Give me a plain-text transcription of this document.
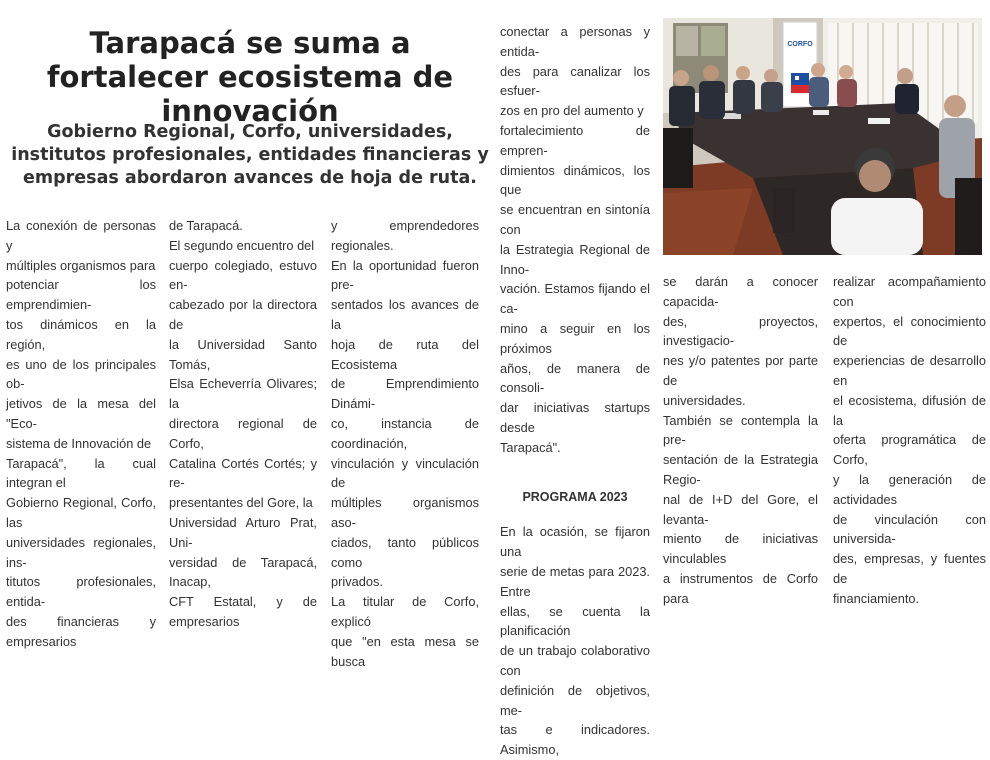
Tarapacá se suma a fortalecer ecosistema de innovación
Gobierno Regional, Corfo, universidades, institutos profesionales, entidades financieras y empresas abordaron avances de hoja de ruta.

La conexión de personas y
múltiples organismos para
potenciar los emprendimien-
tos dinámicos en la región,
es uno de los principales ob-
jetivos de la mesa del "Eco-
sistema de Innovación de
Tarapacá", la cual integran el
Gobierno Regional, Corfo, las
universidades regionales, ins-
titutos profesionales, entida-
des financieras y empresarios

de Tarapacá.
El segundo encuentro del
cuerpo colegiado, estuvo en-
cabezado por la directora de
la Universidad Santo Tomás,
Elsa Echeverría Olivares; la
directora regional de Corfo,
Catalina Cortés Cortés; y re-
presentantes del Gore, la
Universidad Arturo Prat, Uni-
versidad de Tarapacá, Inacap,
CFT Estatal, y de empresarios

y emprendedores regionales.
En la oportunidad fueron pre-
sentados los avances de la
hoja de ruta del Ecosistema
de Emprendimiento Dinámi-
co, instancia de coordinación,
vinculación y vinculación de
múltiples organismos aso-
ciados, tanto públicos como
privados.
La titular de Corfo, explicó
que "en esta mesa se busca

conectar a personas y entida-
des para canalizar los esfuer-
zos en pro del aumento y
fortalecimiento de empren-
dimientos dinámicos, los que
se encuentran en sintonía con
la Estrategia Regional de Inno-
vación. Estamos fijando el ca-
mino a seguir en los próximos
años, de manera de consoli-
dar iniciativas startups desde
Tarapacá".

PROGRAMA 2023

En la ocasión, se fijaron una
serie de metas para 2023. Entre
ellas, se cuenta la planificación
de un trabajo colaborativo con
definición de objetivos, me-
tas e indicadores. Asimismo,

CORFO

se darán a conocer capacida-
des, proyectos, investigacio-
nes y/o patentes por parte de
universidades.
También se contempla la pre-
sentación de la Estrategia Regio-
nal de I+D del Gore, el levanta-
miento de iniciativas vinculables
a instrumentos de Corfo para

realizar acompañamiento con
expertos, el conocimiento de
experiencias de desarrollo en
el ecosistema, difusión de la
oferta programática de Corfo,
y la generación de actividades
de vinculación con universida-
des, empresas, y fuentes de
financiamiento.
